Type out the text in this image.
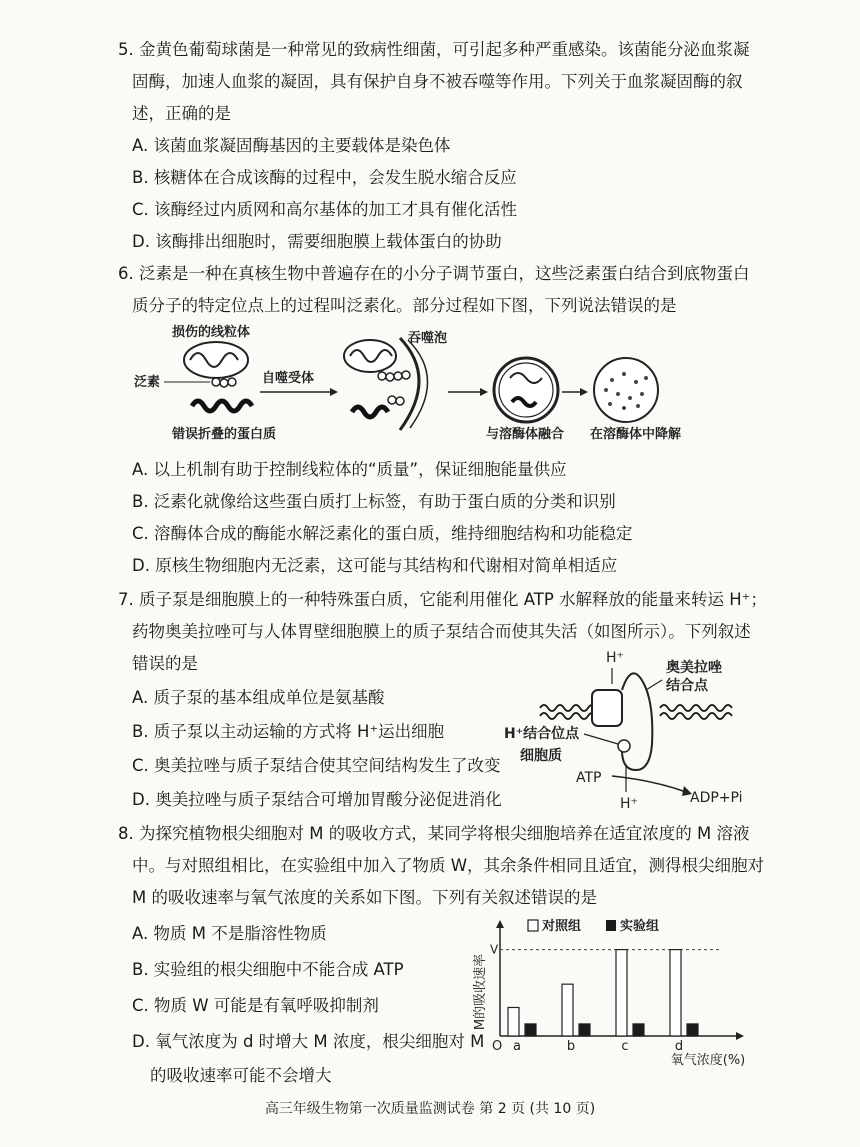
5. 金黄色葡萄球菌是一种常见的致病性细菌，可引起多种严重感染。该菌能分泌血浆凝
固酶，加速人血浆的凝固，具有保护自身不被吞噬等作用。下列关于血浆凝固酶的叙
述，正确的是
A. 该菌血浆凝固酶基因的主要载体是染色体
B. 核糖体在合成该酶的过程中，会发生脱水缩合反应
C. 该酶经过内质网和高尔基体的加工才具有催化活性
D. 该酶排出细胞时，需要细胞膜上载体蛋白的协助
6. 泛素是一种在真核生物中普遍存在的小分子调节蛋白，这些泛素蛋白结合到底物蛋白
质分子的特定位点上的过程叫泛素化。部分过程如下图，下列说法错误的是
损伤的线粒体
泛素
错误折叠的蛋白质
自噬受体
吞噬泡
与溶酶体融合 在溶酶体中降解
A. 以上机制有助于控制线粒体的“质量”，保证细胞能量供应
B. 泛素化就像给这些蛋白质打上标签，有助于蛋白质的分类和识别
C. 溶酶体合成的酶能水解泛素化的蛋白质，维持细胞结构和功能稳定
D. 原核生物细胞内无泛素，这可能与其结构和代谢相对简单相适应
7. 质子泵是细胞膜上的一种特殊蛋白质，它能利用催化 ATP 水解释放的能量来转运 H⁺；
药物奥美拉唑可与人体胃壁细胞膜上的质子泵结合而使其失活（如图所示）。下列叙述
错误的是
A. 质子泵的基本组成单位是氨基酸
B. 质子泵以主动运输的方式将 H⁺运出细胞
C. 奥美拉唑与质子泵结合使其空间结构发生了改变
D. 奥美拉唑与质子泵结合可增加胃酸分泌促进消化
H⁺
奥美拉唑
结合点
H⁺结合位点
细胞质
ATP
ADP+Pi
H⁺
8. 为探究植物根尖细胞对 M 的吸收方式，某同学将根尖细胞培养在适宜浓度的 M 溶液
中。与对照组相比，在实验组中加入了物质 W，其余条件相同且适宜，测得根尖细胞对
M 的吸收速率与氧气浓度的关系如下图。下列有关叙述错误的是
A. 物质 M 不是脂溶性物质
B. 实验组的根尖细胞中不能合成 ATP
C. 物质 W 可能是有氧呼吸抑制剂
D. 氧气浓度为 d 时增大 M 浓度，根尖细胞对 M
的吸收速率可能不会增大
M的吸收速率
O
V
a	b	c	d
氧气浓度(%)
对照组	实验组
高三年级生物第一次质量监测试卷 第 2 页 (共 10 页)
